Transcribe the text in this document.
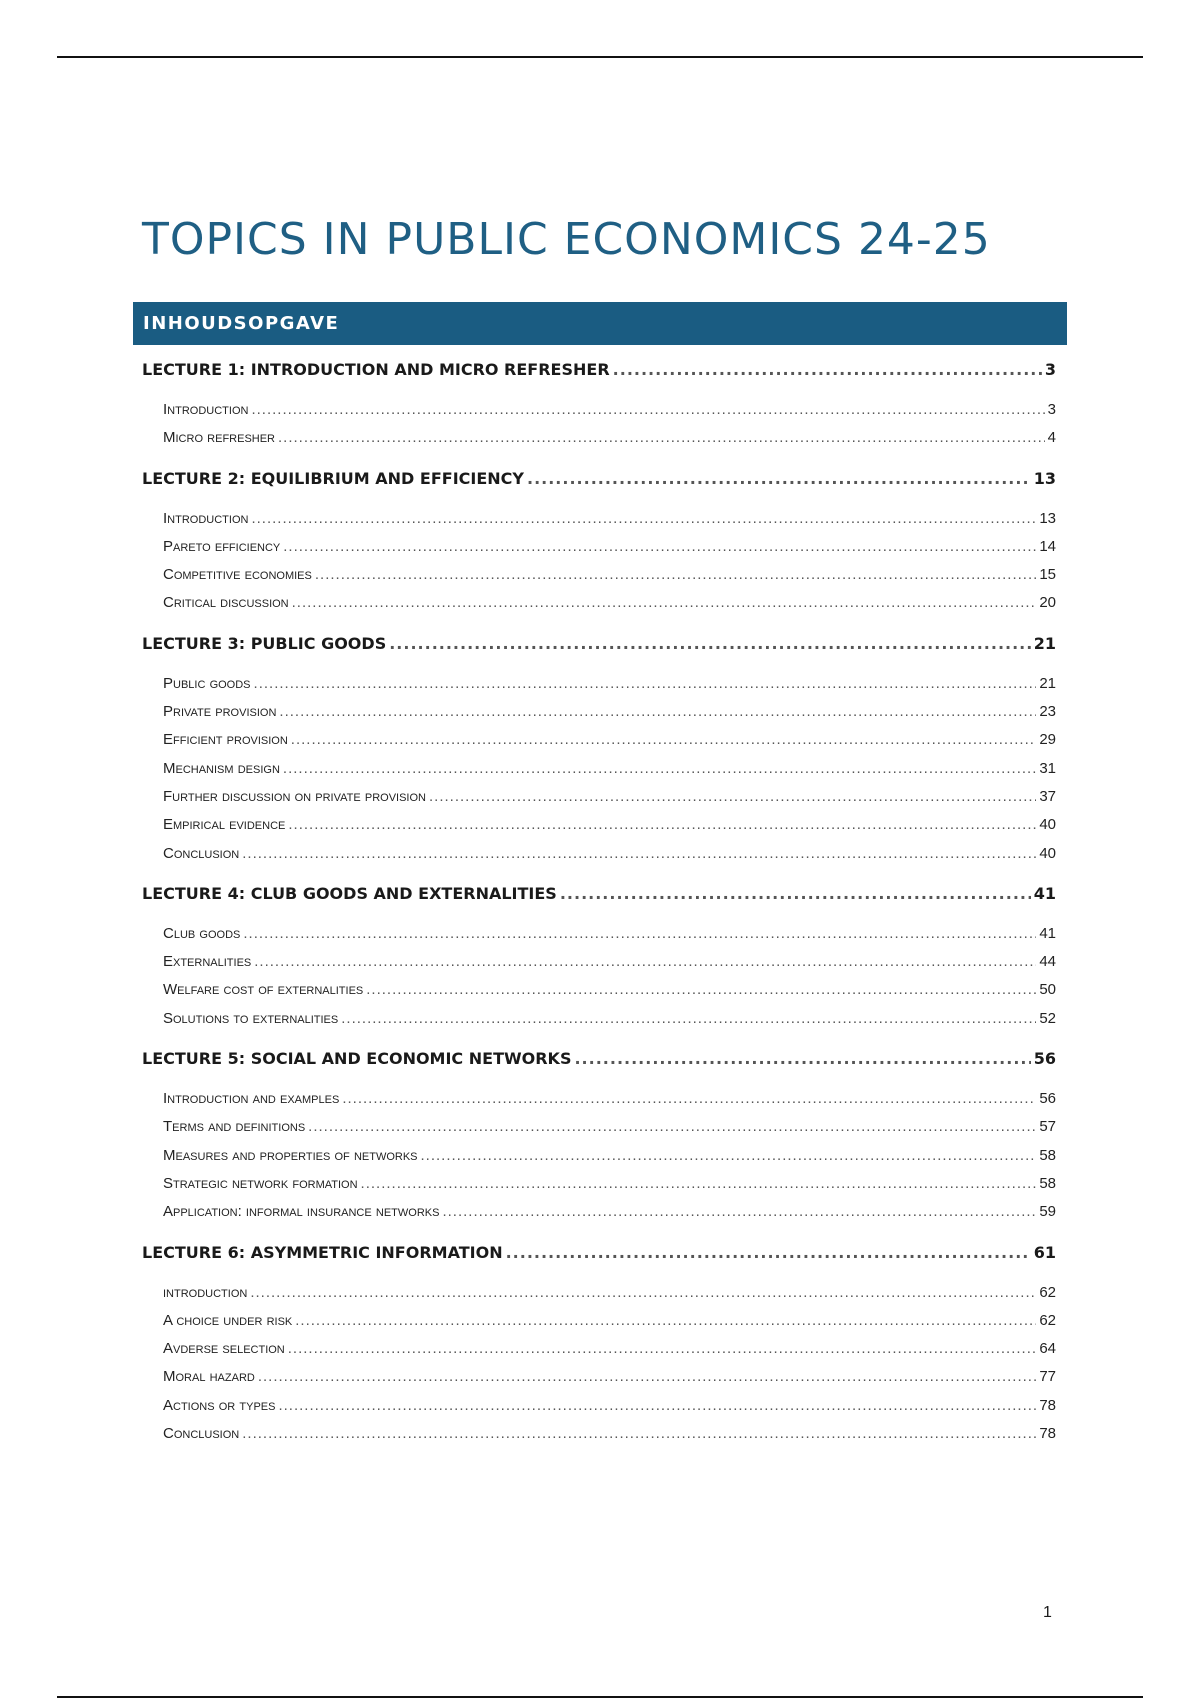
TOPICS IN PUBLIC ECONOMICS 24-25
INHOUDSOPGAVE
LECTURE 1: INTRODUCTION AND MICRO REFRESHER .....	3
Introduction .....	3
Micro refresher .....	4
LECTURE 2: EQUILIBRIUM AND EFFICIENCY .....	13
Introduction .....	13
Pareto efficiency .....	14
Competitive economies .....	15
Critical discussion .....	20
LECTURE 3: PUBLIC GOODS .....	21
Public goods .....	21
Private provision .....	23
Efficient provision .....	29
Mechanism design .....	31
Further discussion on private provision .....	37
Empirical evidence .....	40
Conclusion .....	40
LECTURE 4: CLUB GOODS AND EXTERNALITIES .....	41
Club goods .....	41
Externalities .....	44
Welfare cost of externalities .....	50
Solutions to externalities .....	52
LECTURE 5: SOCIAL AND ECONOMIC NETWORKS .....	56
Introduction and examples .....	56
Terms and definitions .....	57
Measures and properties of networks .....	58
Strategic network formation .....	58
Application: informal insurance networks .....	59
LECTURE 6: ASYMMETRIC INFORMATION .....	61
introduction .....	62
A choice under risk .....	62
Avderse selection .....	64
Moral hazard .....	77
Actions or types .....	78
Conclusion .....	78
1
